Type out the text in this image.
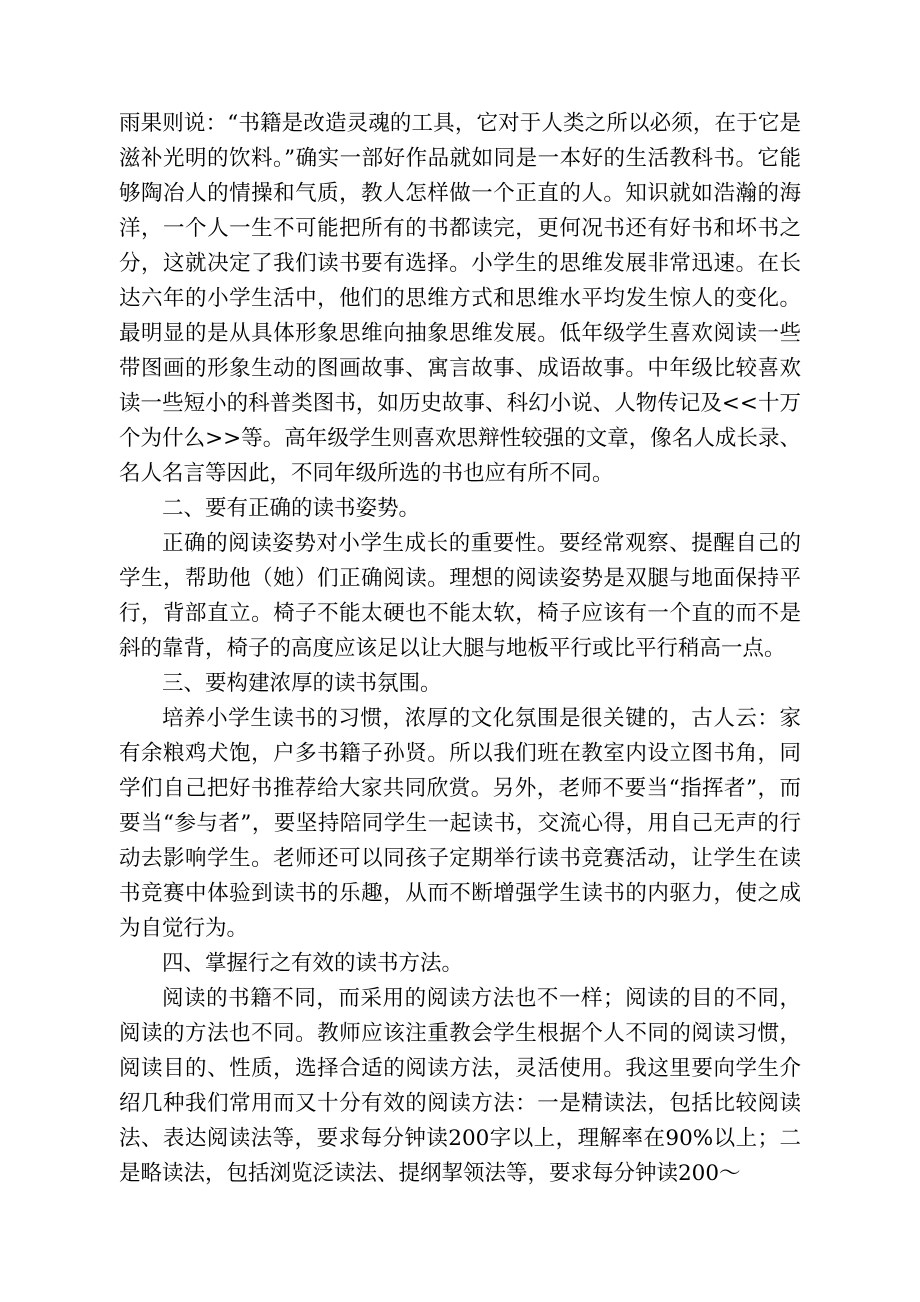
雨果则说：“书籍是改造灵魂的工具，它对于人类之所以必须，在于它是滋补光明的饮料。”确实一部好作品就如同是一本好的生活教科书。它能够陶冶人的情操和气质，教人怎样做一个正直的人。知识就如浩瀚的海洋，一个人一生不可能把所有的书都读完，更何况书还有好书和坏书之分，这就决定了我们读书要有选择。小学生的思维发展非常迅速。在长达六年的小学生活中，他们的思维方式和思维水平均发生惊人的变化。最明显的是从具体形象思维向抽象思维发展。低年级学生喜欢阅读一些带图画的形象生动的图画故事、寓言故事、成语故事。中年级比较喜欢读一些短小的科普类图书，如历史故事、科幻小说、人物传记及<<十万个为什么>>等。高年级学生则喜欢思辩性较强的文章，像名人成长录、名人名言等因此，不同年级所选的书也应有所不同。

二、要有正确的读书姿势。

正确的阅读姿势对小学生成长的重要性。要经常观察、提醒自己的学生，帮助他（她）们正确阅读。理想的阅读姿势是双腿与地面保持平行，背部直立。椅子不能太硬也不能太软，椅子应该有一个直的而不是斜的靠背，椅子的高度应该足以让大腿与地板平行或比平行稍高一点。

三、要构建浓厚的读书氛围。

培养小学生读书的习惯，浓厚的文化氛围是很关键的，古人云：家有余粮鸡犬饱，户多书籍子孙贤。所以我们班在教室内设立图书角，同学们自己把好书推荐给大家共同欣赏。另外，老师不要当“指挥者”，而要当“参与者”，要坚持陪同学生一起读书，交流心得，用自己无声的行动去影响学生。老师还可以同孩子定期举行读书竞赛活动，让学生在读书竞赛中体验到读书的乐趣，从而不断增强学生读书的内驱力，使之成为自觉行为。

四、掌握行之有效的读书方法。

阅读的书籍不同，而采用的阅读方法也不一样；阅读的目的不同，阅读的方法也不同。教师应该注重教会学生根据个人不同的阅读习惯，阅读目的、性质，选择合适的阅读方法，灵活使用。我这里要向学生介绍几种我们常用而又十分有效的阅读方法：一是精读法，包括比较阅读法、表达阅读法等，要求每分钟读200字以上，理解率在90%以上；二是略读法，包括浏览泛读法、提纲挈领法等，要求每分钟读200～
